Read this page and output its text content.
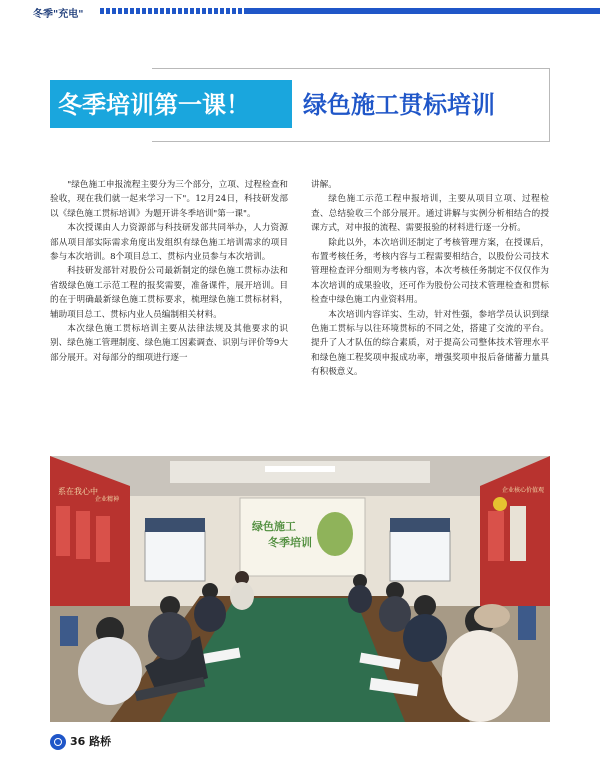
冬季"充电"
冬季培训第一课！ 绿色施工贯标培训

"绿色施工申报流程主要分为三个部分，立项、过程检查和验收，现在我们就一起来学习一下"。12月24日，科技研发部以《绿色施工贯标培训》为题开讲冬季培训"第一课"。

本次授课由人力资源部与科技研发部共同举办，人力资源部从项目部实际需求角度出发组织有绿色施工培训需求的项目参与本次培训。8个项目总工、贯标内业员参与本次培训。

科技研发部针对股份公司最新制定的绿色施工贯标办法和省级绿色施工示范工程的报奖需要，准备课件，展开培训。目的在于明确最新绿色施工贯标要求，梳理绿色施工贯标材料，辅助项目总工、贯标内业人员编制相关材料。

本次绿色施工贯标培训主要从法律法规及其他要求的识别、绿色施工管理制度、绿色施工因素调查、识别与评价等9大部分展开。对每部分的细项进行逐一

讲解。

绿色施工示范工程申报培训，主要从项目立项、过程检查、总结验收三个部分展开。通过讲解与实例分析相结合的授课方式，对申报的流程、需要报验的材料进行逐一分析。

除此以外，本次培训还制定了考核管理方案，在授课后，布置考核任务，考核内容与工程需要相结合，以股份公司技术管理检查评分细则为考核内容，本次考核任务制定不仅仅作为本次培训的成果验收，还可作为股份公司技术管理检查和贯标检查中绿色施工内业资料用。

本次培训内容详实、生动，针对性强，参培学员认识到绿色施工贯标与以往环境贯标的不同之处，搭建了交流的平台。提升了人才队伍的综合素质，对于提高公司整体技术管理水平和绿色施工程奖项申报成功率，增强奖项申报后备储蓄力量具有积极意义。

系在我心中
企业精神
企业核心价值观
绿色施工
冬季培训
36 路桥
